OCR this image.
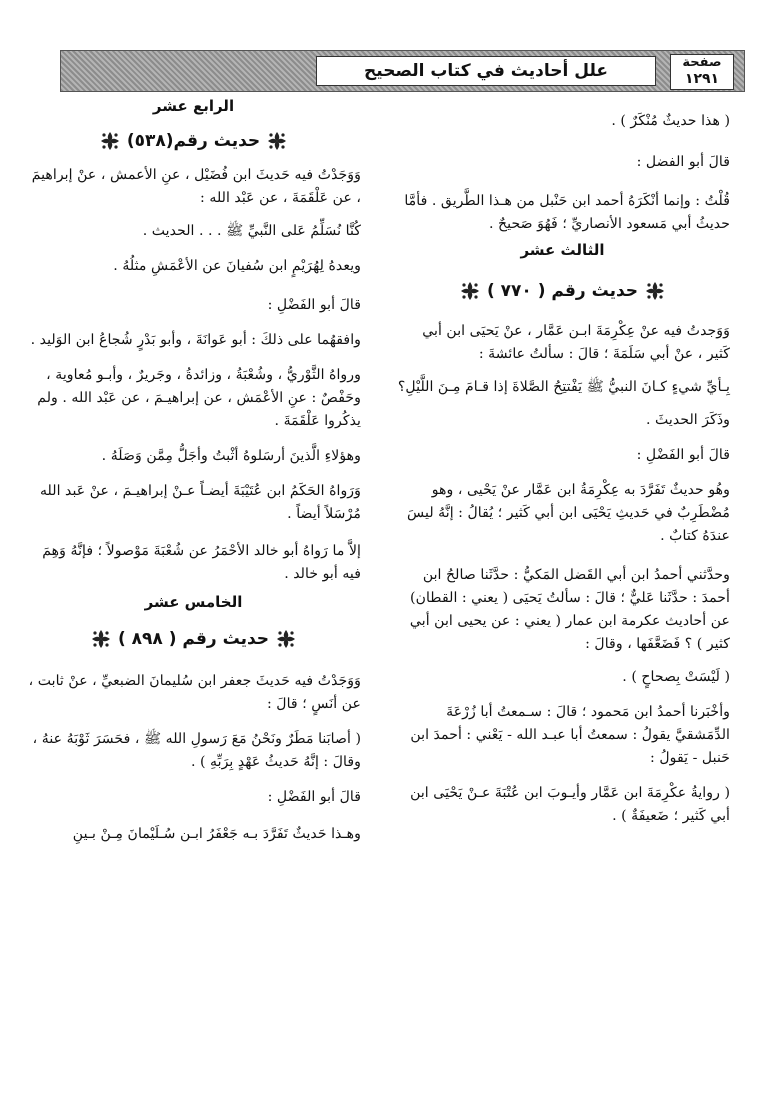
علل أحاديث في كتاب الصحيح	صفحة
١٢٩١

( هذا حديثٌ مُنْكَرٌ ) .

قالَ أبو الفضل :

قُلْتُ : وإنما أنْكَرَهُ أحمد ابن حَنْبل من هـذا الطَّريق . فأمَّا حديثُ أبي مَسعود الأنصاريِّ ؛ فَهُوَ صَحيحٌ .

الثالث عشر
حديث رقم ( ٧٧٠ )

وَوَجدتُ فيه عنْ عِكْرِمَةَ ابـن عَمَّار ، عنْ يَحيَى ابن أبي كَثير ، عنْ أبي سَلَمَةَ ؛ قالَ : سألتُ عائشةَ :

بِـأيِّ شيءٍ كـانَ النبيُّ ﷺ يَفْتتِحُ الصَّلاةَ إذا قـامَ مِـنَ اللَّيْلِ؟

وذَكَرَ الحديثَ .

قالَ أبو الفَضْلِ :

وهُو حديثٌ تَفَرَّدَ به عِكْرِمَةُ ابن عَمَّار عنْ يَحْيى ، وهو مُضْطَرِبٌ في حَديثِ يَحْيَى ابن أبي كَثير ؛ يُقالُ : إنَّهُ ليسَ عندَهُ كتابٌ .

وحدَّثني أحمدُ ابن أبي القَضل المَكيُّ : حدَّثَنا صالحُ ابن أحمدَ : حدَّثَنا عَليٌّ ؛ قالَ : سألتُ يَحيَى ( يعني : القطان) عن أحاديث عكرمة ابن عمار ( يعني : عن يحيى ابن أبي كثير ) ؟ فَضَعَّفَها ، وقالَ :

( لَيْسَتْ بِصحاحٍ ) .

وأخْبَرنا أحمدُ ابن مَحمود ؛ قالَ : سـمعتُ أبا زُرْعَةَ الدِّمَشقيَّ يقولُ : سمعتُ أبا عبـد الله - يَعْني : أحمدَ ابن حَنبل - يَقولُ :

( روايةُ عكْرِمَةَ ابن عَمَّار وأيـوبَ ابن عُتْبَةَ عـنْ يَحْيَى ابن أبي كَثير ؛ ضَعيفَةٌ ) .

الرابع عشر
حديث رقم(٥٣٨)

وَوَجَدْتُ فيه حَديثَ ابن فُضَيْل ، عنِ الأعمش ، عنْ إبراهيمَ ، عن عَلْقَمَةَ ، عن عَبْد الله :

كُنَّا نُسَلِّمُ عَلى النَّبيِّ ﷺ . . . الحديث .

ويعدهُ لِهُرَيْمٍ ابن سُفيانَ عن الأعْمَشِ مثلُهُ .

قالَ أبو الفَضْلِ :

وافقهُما على ذلكَ : أبو عَوانَةَ ، وأبو بَدْرٍ شُجاعُ ابن الوَليد .

ورواهُ الثَّوْريُّ ، وشُعْبَةُ ، وزائدةُ ، وجَريرٌ ، وأبـو مُعاوية ، وحَفْصٌ : عنِ الأعْمَش ، عن إبراهيـمَ ، عن عَبْد الله . ولم يذكُروا عَلْقَمَةَ .

وهؤلاءِ الَّذينَ أرسَلوهُ أثْبتُ وأجَلُّ مِمَّن وَصَلَهُ .

وَرَواهُ الحَكَمُ ابن عُتَيْبَةَ أيضـاً عـنْ إبراهيـمَ ، عنْ عَبد الله مُرْسَلاً أيضاً .

إلاَّ ما رَواهُ أبو خالد الأحْمَرُ عن شُعْبَةَ مَوْصولاً ؛ فإنَّهُ وَهِمَ فيه أبو خالد .

الخامس عشر
حديث رقم ( ٨٩٨ )

وَوَجَدْتُ فيه حَديثَ جعفر ابن سُليمانَ الضبعيِّ ، عنْ ثابت ، عن أنَسٍ ؛ قالَ :

( أصابَنا مَطَرٌ ونَحْنُ مَعَ رَسولِ الله ﷺ ، فحَسَرَ ثَوْبَهُ عنهُ ، وقالَ : إنَّهُ حَديثُ عَهْدٍ بِرَبِّهِ ) .

قالَ أبو الفَضْلِ :

وهـذا حَديثٌ تَفَرَّدَ بـه جَعْفَرُ ابـن سُـلَيْمانَ مِـنْ بـينِ
